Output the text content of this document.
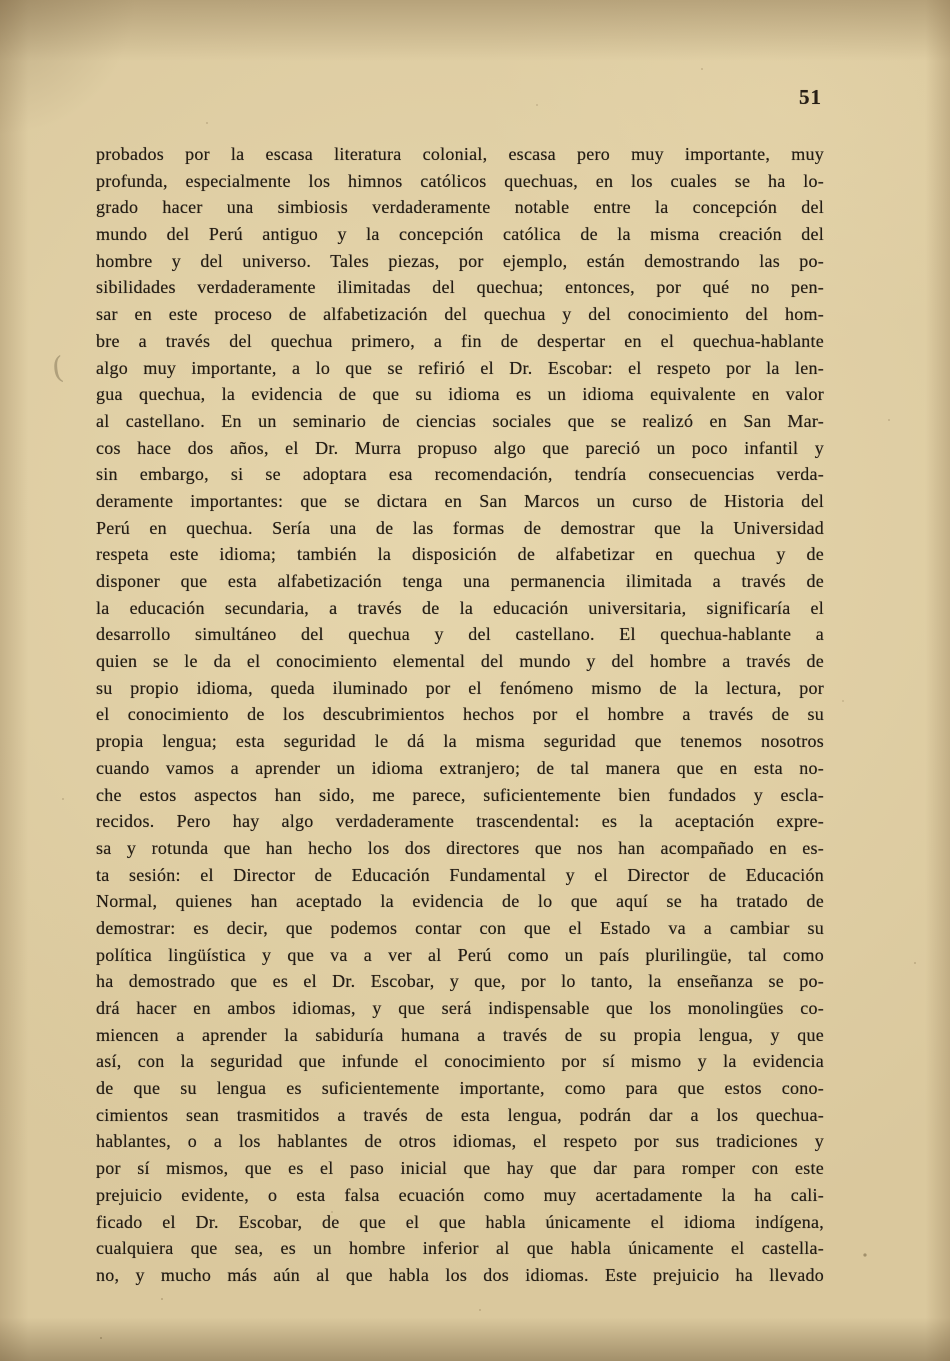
51
(
probados por la escasa literatura colonial, escasa pero muy importante, muy
profunda, especialmente los himnos católicos quechuas, en los cuales se ha lo-
grado hacer una simbiosis verdaderamente notable entre la concepción del
mundo del Perú antiguo y la concepción católica de la misma creación del
hombre y del universo. Tales piezas, por ejemplo, están demostrando las po-
sibilidades verdaderamente ilimitadas del quechua; entonces, por qué no pen-
sar en este proceso de alfabetización del quechua y del conocimiento del hom-
bre a través del quechua primero, a fin de despertar en el quechua-hablante
algo muy importante, a lo que se refirió el Dr. Escobar: el respeto por la len-
gua quechua, la evidencia de que su idioma es un idioma equivalente en valor
al castellano. En un seminario de ciencias sociales que se realizó en San Mar-
cos hace dos años, el Dr. Murra propuso algo que pareció un poco infantil y
sin embargo, si se adoptara esa recomendación, tendría consecuencias verda-
deramente importantes: que se dictara en San Marcos un curso de Historia del
Perú en quechua. Sería una de las formas de demostrar que la Universidad
respeta este idioma; también la disposición de alfabetizar en quechua y de
disponer que esta alfabetización tenga una permanencia ilimitada a través de
la educación secundaria, a través de la educación universitaria, significaría el
desarrollo simultáneo del quechua y del castellano. El quechua-hablante a
quien se le da el conocimiento elemental del mundo y del hombre a través de
su propio idioma, queda iluminado por el fenómeno mismo de la lectura, por
el conocimiento de los descubrimientos hechos por el hombre a través de su
propia lengua; esta seguridad le dá la misma seguridad que tenemos nosotros
cuando vamos a aprender un idioma extranjero; de tal manera que en esta no-
che estos aspectos han sido, me parece, suficientemente bien fundados y escla-
recidos. Pero hay algo verdaderamente trascendental: es la aceptación expre-
sa y rotunda que han hecho los dos directores que nos han acompañado en es-
ta sesión: el Director de Educación Fundamental y el Director de Educación
Normal, quienes han aceptado la evidencia de lo que aquí se ha tratado de
demostrar: es decir, que podemos contar con que el Estado va a cambiar su
política lingüística y que va a ver al Perú como un país plurilingüe, tal como
ha demostrado que es el Dr. Escobar, y que, por lo tanto, la enseñanza se po-
drá hacer en ambos idiomas, y que será indispensable que los monolingües co-
miencen a aprender la sabiduría humana a través de su propia lengua, y que
así, con la seguridad que infunde el conocimiento por sí mismo y la evidencia
de que su lengua es suficientemente importante, como para que estos cono-
cimientos sean trasmitidos a través de esta lengua, podrán dar a los quechua-
hablantes, o a los hablantes de otros idiomas, el respeto por sus tradiciones y
por sí mismos, que es el paso inicial que hay que dar para romper con este
prejuicio evidente, o esta falsa ecuación como muy acertadamente la ha cali-
ficado el Dr. Escobar, de que el que habla únicamente el idioma indígena,
cualquiera que sea, es un hombre inferior al que habla únicamente el castella-
no, y mucho más aún al que habla los dos idiomas. Este prejuicio ha llevado
